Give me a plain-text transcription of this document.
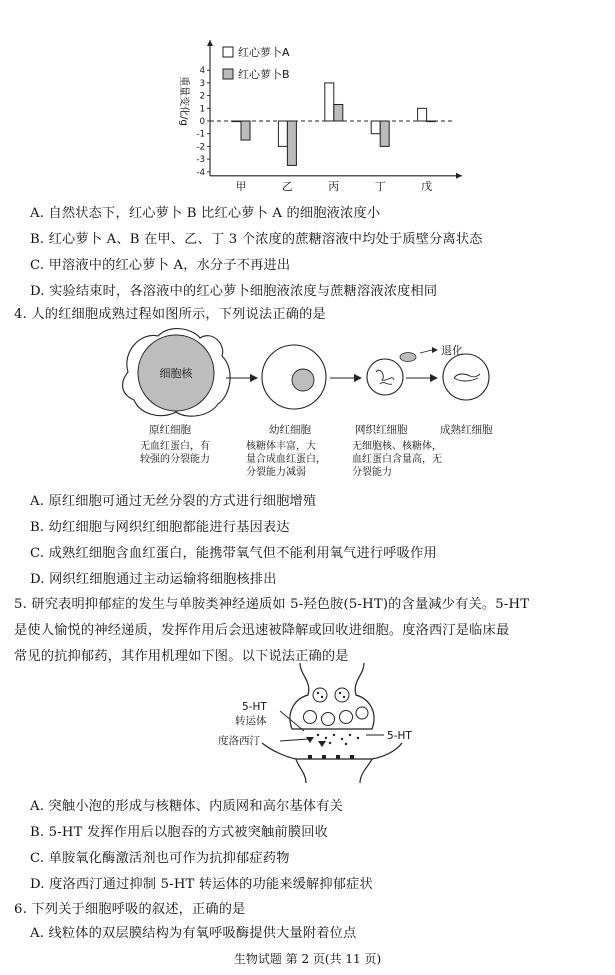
4
3
2
1
0
-1
-2
-3
-4
重量变化/g
甲	乙	丙	丁	戊
红心萝卜A
红心萝卜B
A. 自然状态下，红心萝卜 B 比红心萝卜 A 的细胞液浓度小
B. 红心萝卜 A、B 在甲、乙、丁 3 个浓度的蔗糖溶液中均处于质壁分离状态
C. 甲溶液中的红心萝卜 A，水分子不再进出
D. 实验结束时，各溶液中的红心萝卜细胞液浓度与蔗糖溶液浓度相同
4. 人的红细胞成熟过程如图所示，下列说法正确的是
细胞核
退化
原红细胞	幼红细胞	网织红细胞	成熟红细胞
无血红蛋白，有
较强的分裂能力
核糖体丰富，大
量合成血红蛋白，
分裂能力减弱
无细胞核、核糖体，
血红蛋白含量高，无
分裂能力
A. 原红细胞可通过无丝分裂的方式进行细胞增殖
B. 幼红细胞与网织红细胞都能进行基因表达
C. 成熟红细胞含血红蛋白，能携带氧气但不能利用氧气进行呼吸作用
D. 网织红细胞通过主动运输将细胞核排出
5. 研究表明抑郁症的发生与单胺类神经递质如 5-羟色胺(5-HT)的含量减少有关。5-HT
是使人愉悦的神经递质，发挥作用后会迅速被降解或回收进细胞。度洛西汀是临床最
常见的抗抑郁药，其作用机理如下图。以下说法正确的是
5-HT
转运体
度洛西汀	5-HT
A. 突触小泡的形成与核糖体、内质网和高尔基体有关
B. 5-HT 发挥作用后以胞吞的方式被突触前膜回收
C. 单胺氧化酶激活剂也可作为抗抑郁症药物
D. 度洛西汀通过抑制 5-HT 转运体的功能来缓解抑郁症状
6. 下列关于细胞呼吸的叙述，正确的是
A. 线粒体的双层膜结构为有氧呼吸酶提供大量附着位点
生物试题 第 2 页(共 11 页)
